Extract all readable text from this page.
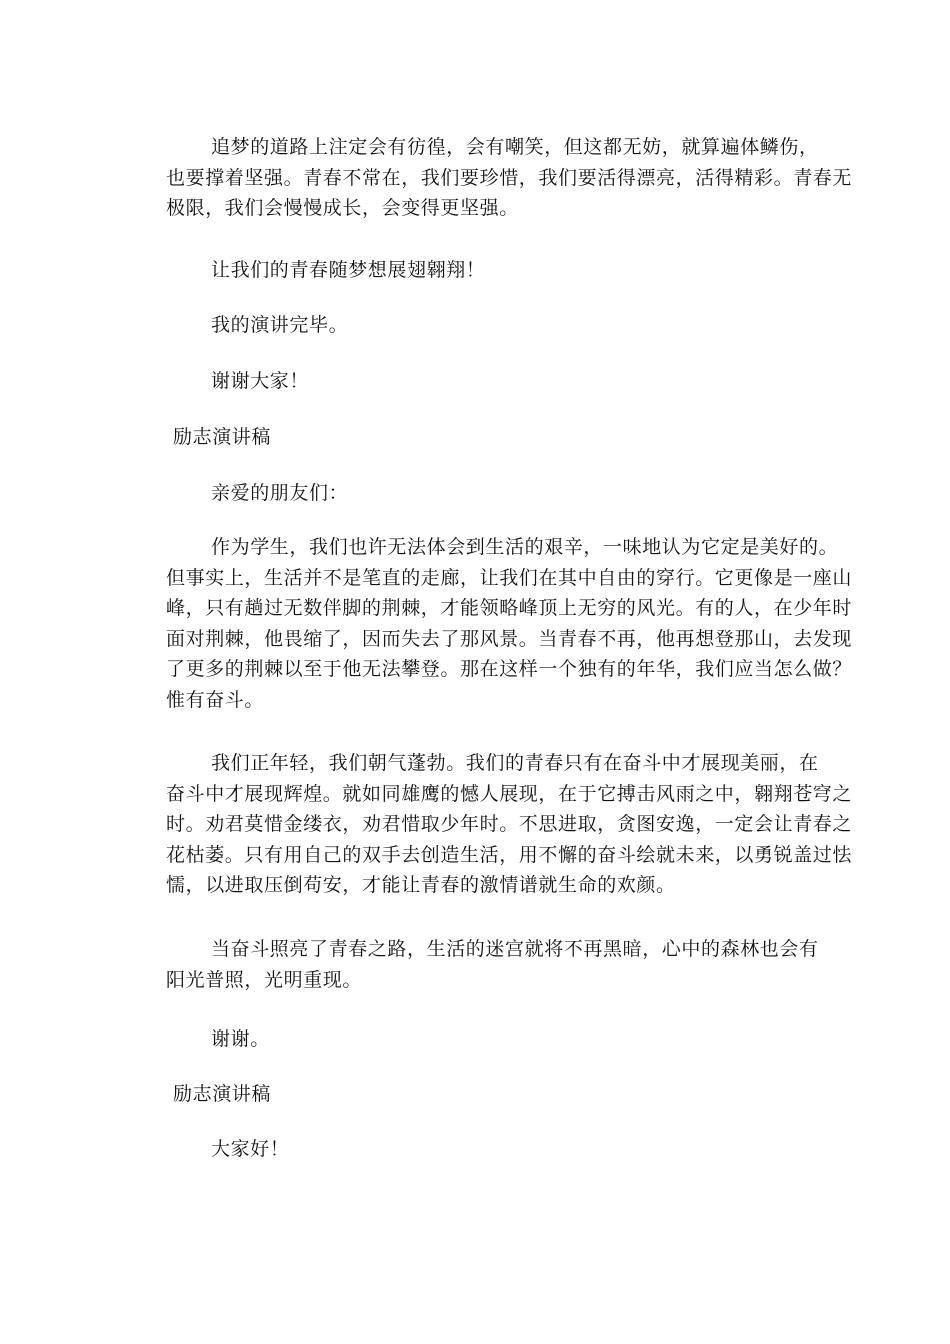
追梦的道路上注定会有彷徨，会有嘲笑，但这都无妨，就算遍体鳞伤，
也要撑着坚强。青春不常在，我们要珍惜，我们要活得漂亮，活得精彩。青春无
极限，我们会慢慢成长，会变得更坚强。
让我们的青春随梦想展翅翱翔！
我的演讲完毕。
谢谢大家！
励志演讲稿
亲爱的朋友们：
作为学生，我们也许无法体会到生活的艰辛，一味地认为它定是美好的。
但事实上，生活并不是笔直的走廊，让我们在其中自由的穿行。它更像是一座山
峰，只有趟过无数伴脚的荆棘，才能领略峰顶上无穷的风光。有的人，在少年时
面对荆棘，他畏缩了，因而失去了那风景。当青春不再，他再想登那山，去发现
了更多的荆棘以至于他无法攀登。那在这样一个独有的年华，我们应当怎么做？
惟有奋斗。
我们正年轻，我们朝气蓬勃。我们的青春只有在奋斗中才展现美丽，在
奋斗中才展现辉煌。就如同雄鹰的憾人展现，在于它搏击风雨之中，翱翔苍穹之
时。劝君莫惜金缕衣，劝君惜取少年时。不思进取，贪图安逸，一定会让青春之
花枯萎。只有用自己的双手去创造生活，用不懈的奋斗绘就未来，以勇锐盖过怯
懦，以进取压倒苟安，才能让青春的激情谱就生命的欢颜。
当奋斗照亮了青春之路，生活的迷宫就将不再黑暗，心中的森林也会有
阳光普照，光明重现。
谢谢。
励志演讲稿
大家好！
